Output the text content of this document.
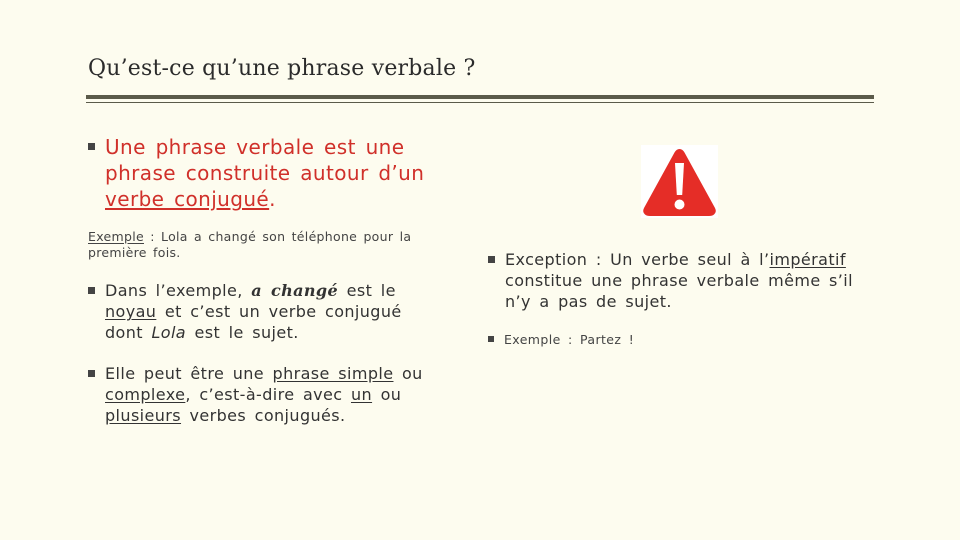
Qu’est-ce qu’une phrase verbale ?
Une phrase verbale est une phrase construite autour d’un verbe conjugué.
Exemple : Lola a changé son téléphone pour la première fois.
Dans l’exemple, a changé est le noyau et c’est un verbe conjugué dont Lola est le sujet.
Elle peut être une phrase simple ou complexe, c’est-à-dire avec un ou plusieurs verbes conjugués.
Exception : Un verbe seul à l’impératif constitue une phrase verbale même s’il n’y a pas de sujet.
Exemple : Partez !
